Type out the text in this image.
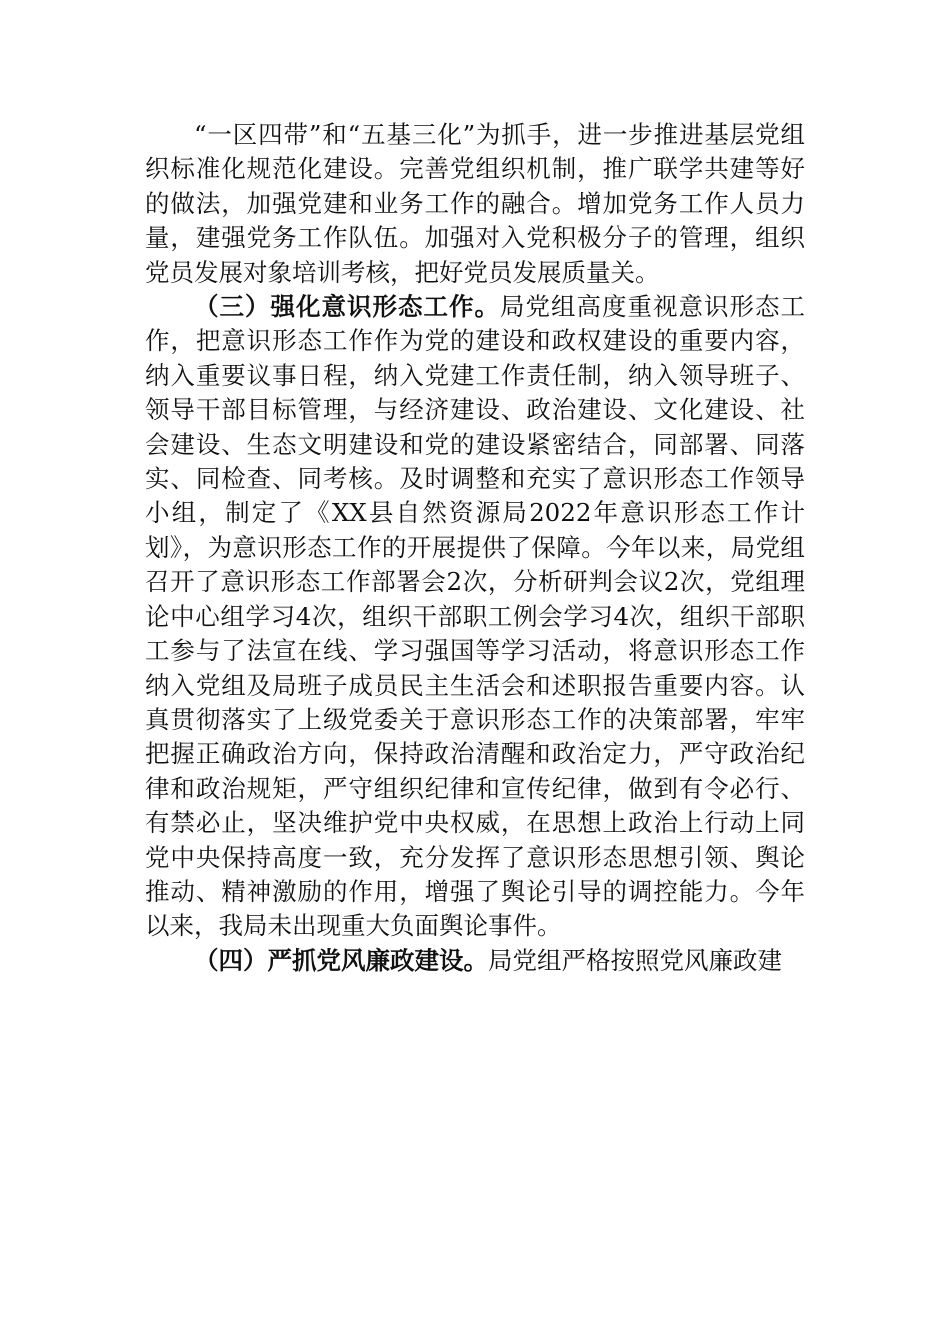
“一区四带”和“五基三化”为抓手，进一步推进基层党组织标准化规范化建设。完善党组织机制，推广联学共建等好的做法，加强党建和业务工作的融合。增加党务工作人员力量，建强党务工作队伍。加强对入党积极分子的管理，组织党员发展对象培训考核，把好党员发展质量关。

（三）强化意识形态工作。局党组高度重视意识形态工作，把意识形态工作作为党的建设和政权建设的重要内容，纳入重要议事日程，纳入党建工作责任制，纳入领导班子、领导干部目标管理，与经济建设、政治建设、文化建设、社会建设、生态文明建设和党的建设紧密结合，同部署、同落实、同检查、同考核。及时调整和充实了意识形态工作领导小组，制定了《XX县自然资源局2022年意识形态工作计划》，为意识形态工作的开展提供了保障。今年以来，局党组召开了意识形态工作部署会2次，分析研判会议2次，党组理论中心组学习4次，组织干部职工例会学习4次，组织干部职工参与了法宣在线、学习强国等学习活动，将意识形态工作纳入党组及局班子成员民主生活会和述职报告重要内容。认真贯彻落实了上级党委关于意识形态工作的决策部署，牢牢把握正确政治方向，保持政治清醒和政治定力，严守政治纪律和政治规矩，严守组织纪律和宣传纪律，做到有令必行、有禁必止，坚决维护党中央权威，在思想上政治上行动上同党中央保持高度一致，充分发挥了意识形态思想引领、舆论推动、精神激励的作用，增强了舆论引导的调控能力。今年以来，我局未出现重大负面舆论事件。

（四）严抓党风廉政建设。局党组严格按照党风廉政建
